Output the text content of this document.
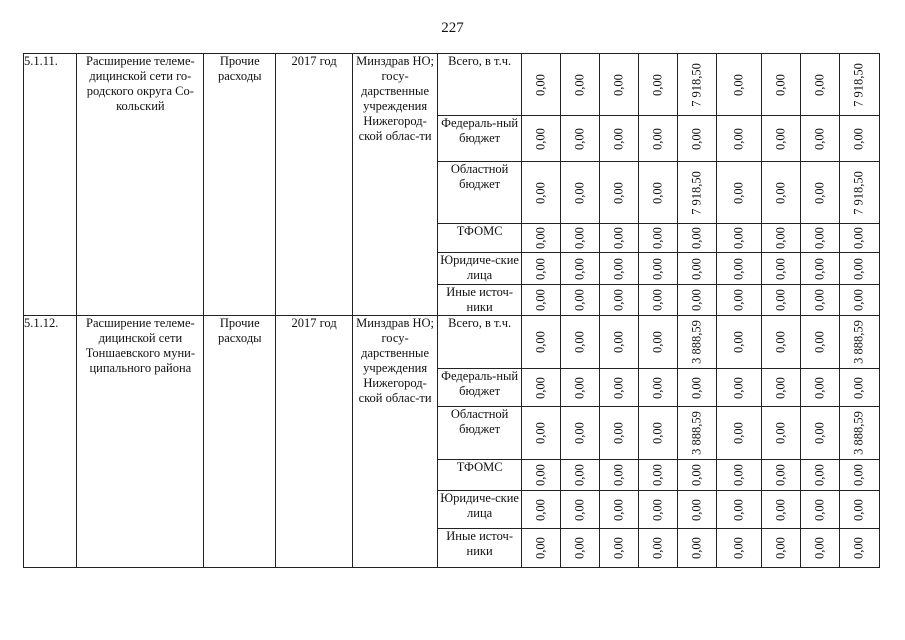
227
5.1.11.	Расширение телеме-дицинской сети го-родского округа Со-кольский	Прочие расходы	2017 год	Минздрав НО; госу-дарственные учреждения Нижегород-ской облас-ти	Всего, в т.ч.	0,00	0,00	0,00	0,00	7 918,50	0,00	0,00	0,00	7 918,50

					Федераль-ный бюджет	0,00	0,00	0,00	0,00	0,00	0,00	0,00	0,00	0,00

					Областной бюджет	0,00	0,00	0,00	0,00	7 918,50	0,00	0,00	0,00	7 918,50

					ТФОМС	0,00	0,00	0,00	0,00	0,00	0,00	0,00	0,00	0,00

					Юридиче-ские лица	0,00	0,00	0,00	0,00	0,00	0,00	0,00	0,00	0,00

					Иные источ-ники	0,00	0,00	0,00	0,00	0,00	0,00	0,00	0,00	0,00

5.1.12.	Расширение телеме-дицинской сети Тоншаевского муни-ципального района	Прочие расходы	2017 год	Минздрав НО; госу-дарственные учреждения Нижегород-ской облас-ти	Всего, в т.ч.	0,00	0,00	0,00	0,00	3 888,59	0,00	0,00	0,00	3 888,59

					Федераль-ный бюджет	0,00	0,00	0,00	0,00	0,00	0,00	0,00	0,00	0,00

					Областной бюджет	0,00	0,00	0,00	0,00	3 888,59	0,00	0,00	0,00	3 888,59

					ТФОМС	0,00	0,00	0,00	0,00	0,00	0,00	0,00	0,00	0,00

					Юридиче-ские лица	0,00	0,00	0,00	0,00	0,00	0,00	0,00	0,00	0,00

					Иные источ-ники	0,00	0,00	0,00	0,00	0,00	0,00	0,00	0,00	0,00
